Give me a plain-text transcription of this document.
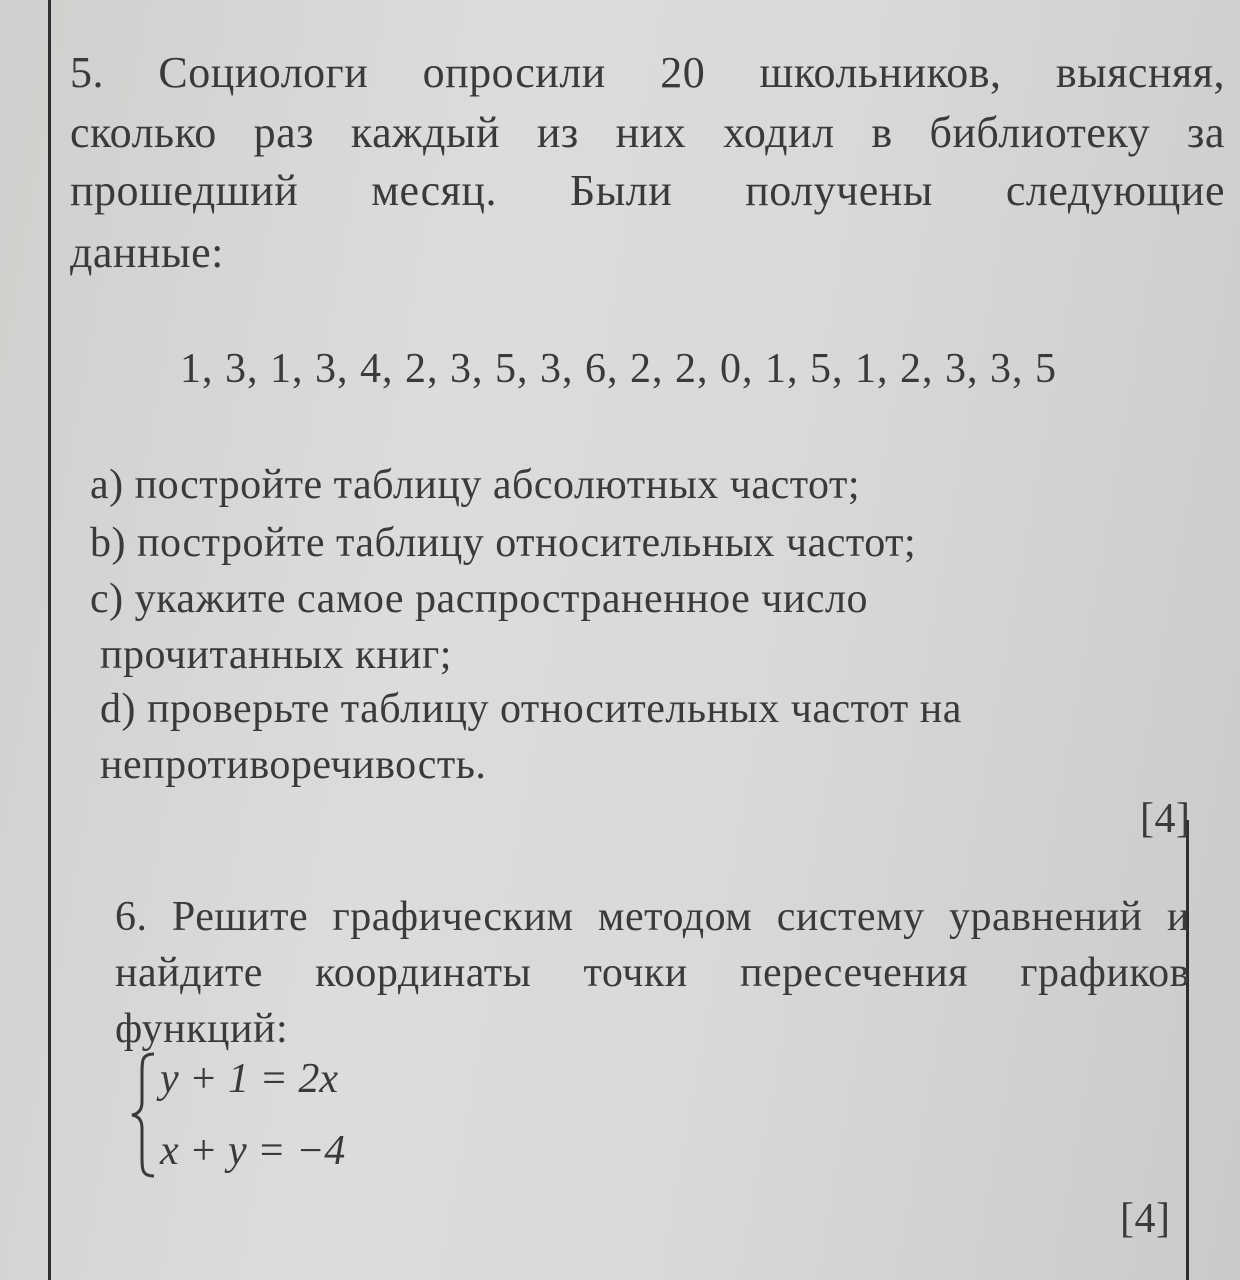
5. Социологи опросили 20 школьников, выясняя,
сколько раз каждый из них ходил в библиотеку за
прошедший месяц. Были получены следующие
данные:
1, 3, 1, 3, 4, 2, 3, 5, 3, 6, 2, 2, 0, 1, 5, 1, 2, 3, 3, 5
a) постройте таблицу абсолютных частот;
b) постройте таблицу относительных частот;
c) укажите самое распространенное число
прочитанных книг;
d) проверьте таблицу относительных частот на
непротиворечивость.
[4]
6. Решите графическим методом систему уравнений и
найдите координаты точки пересечения графиков
функций:
y + 1 = 2x
x + y = −4
[4]
